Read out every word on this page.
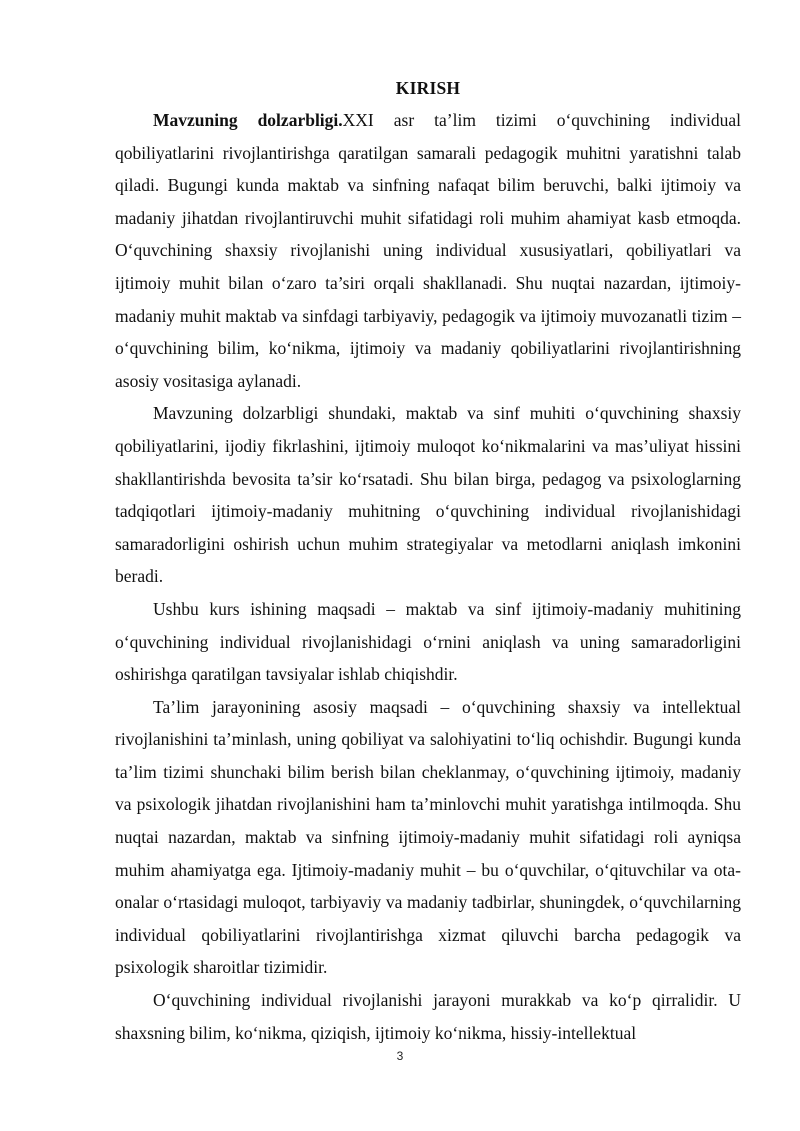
KIRISH

Mavzuning dolzarbligi.XXI asr ta’lim tizimi o‘quvchining individual qobiliyatlarini rivojlantirishga qaratilgan samarali pedagogik muhitni yaratishni talab qiladi. Bugungi kunda maktab va sinfning nafaqat bilim beruvchi, balki ijtimoiy va madaniy jihatdan rivojlantiruvchi muhit sifatidagi roli muhim ahamiyat kasb etmoqda. O‘quvchining shaxsiy rivojlanishi uning individual xususiyatlari, qobiliyatlari va ijtimoiy muhit bilan o‘zaro ta’siri orqali shakllanadi. Shu nuqtai nazardan, ijtimoiy-madaniy muhit maktab va sinfdagi tarbiyaviy, pedagogik va ijtimoiy muvozanatli tizim – o‘quvchining bilim, ko‘nikma, ijtimoiy va madaniy qobiliyatlarini rivojlantirishning asosiy vositasiga aylanadi.

Mavzuning dolzarbligi shundaki, maktab va sinf muhiti o‘quvchining shaxsiy qobiliyatlarini, ijodiy fikrlashini, ijtimoiy muloqot ko‘nikmalarini va mas’uliyat hissini shakllantirishda bevosita ta’sir ko‘rsatadi. Shu bilan birga, pedagog va psixologlarning tadqiqotlari ijtimoiy-madaniy muhitning o‘quvchining individual rivojlanishidagi samaradorligini oshirish uchun muhim strategiyalar va metodlarni aniqlash imkonini beradi.

Ushbu kurs ishining maqsadi – maktab va sinf ijtimoiy-madaniy muhitining o‘quvchining individual rivojlanishidagi o‘rnini aniqlash va uning samaradorligini oshirishga qaratilgan tavsiyalar ishlab chiqishdir.

Ta’lim jarayonining asosiy maqsadi – o‘quvchining shaxsiy va intellektual rivojlanishini ta’minlash, uning qobiliyat va salohiyatini to‘liq ochishdir. Bugungi kunda ta’lim tizimi shunchaki bilim berish bilan cheklanmay, o‘quvchining ijtimoiy, madaniy va psixologik jihatdan rivojlanishini ham ta’minlovchi muhit yaratishga intilmoqda. Shu nuqtai nazardan, maktab va sinfning ijtimoiy-madaniy muhit sifatidagi roli ayniqsa muhim ahamiyatga ega. Ijtimoiy-madaniy muhit – bu o‘quvchilar, o‘qituvchilar va ota-onalar o‘rtasidagi muloqot, tarbiyaviy va madaniy tadbirlar, shuningdek, o‘quvchilarning individual qobiliyatlarini rivojlantirishga xizmat qiluvchi barcha pedagogik va psixologik sharoitlar tizimidir.

O‘quvchining individual rivojlanishi jarayoni murakkab va ko‘p qirralidir. U shaxsning bilim, ko‘nikma, qiziqish, ijtimoiy ko‘nikma, hissiy-intellektual

3
